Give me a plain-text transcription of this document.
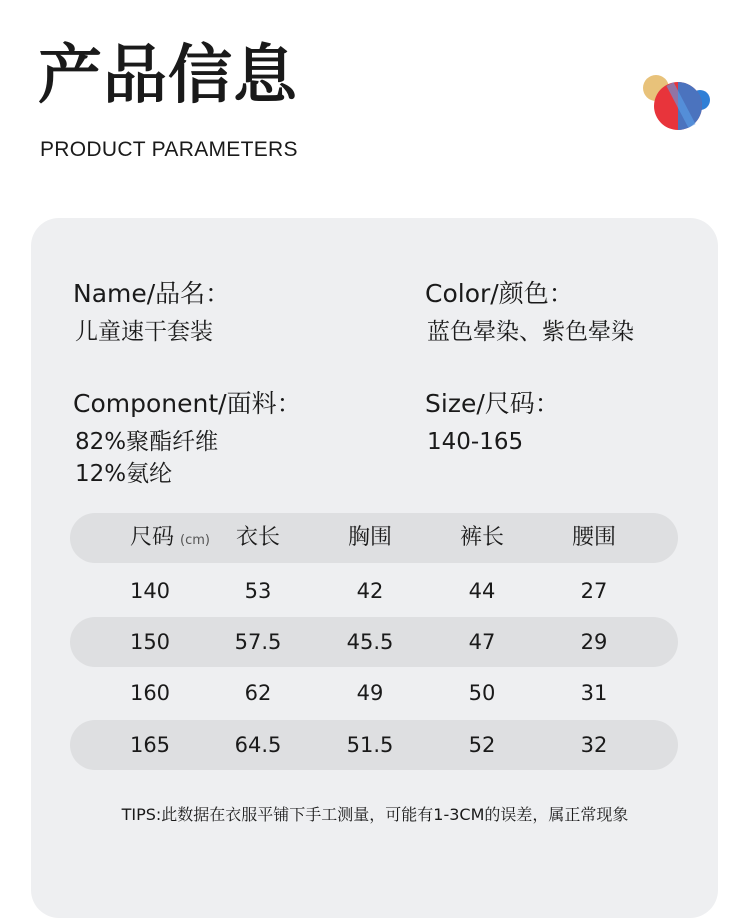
产品信息
PRODUCT PARAMETERS
Name/品名：
儿童速干套装
Color/颜色：
蓝色晕染、紫色晕染
Component/面料：
82%聚酯纤维
12%氨纶
Size/尺码：
140-165
尺码 (cm)	衣长	胸围	裤长	腰围
140	53	42	44	27
150	57.5	45.5	47	29
160	62	49	50	31
165	64.5	51.5	52	32
TIPS:此数据在衣服平铺下手工测量，可能有1-3CM的误差，属正常现象
